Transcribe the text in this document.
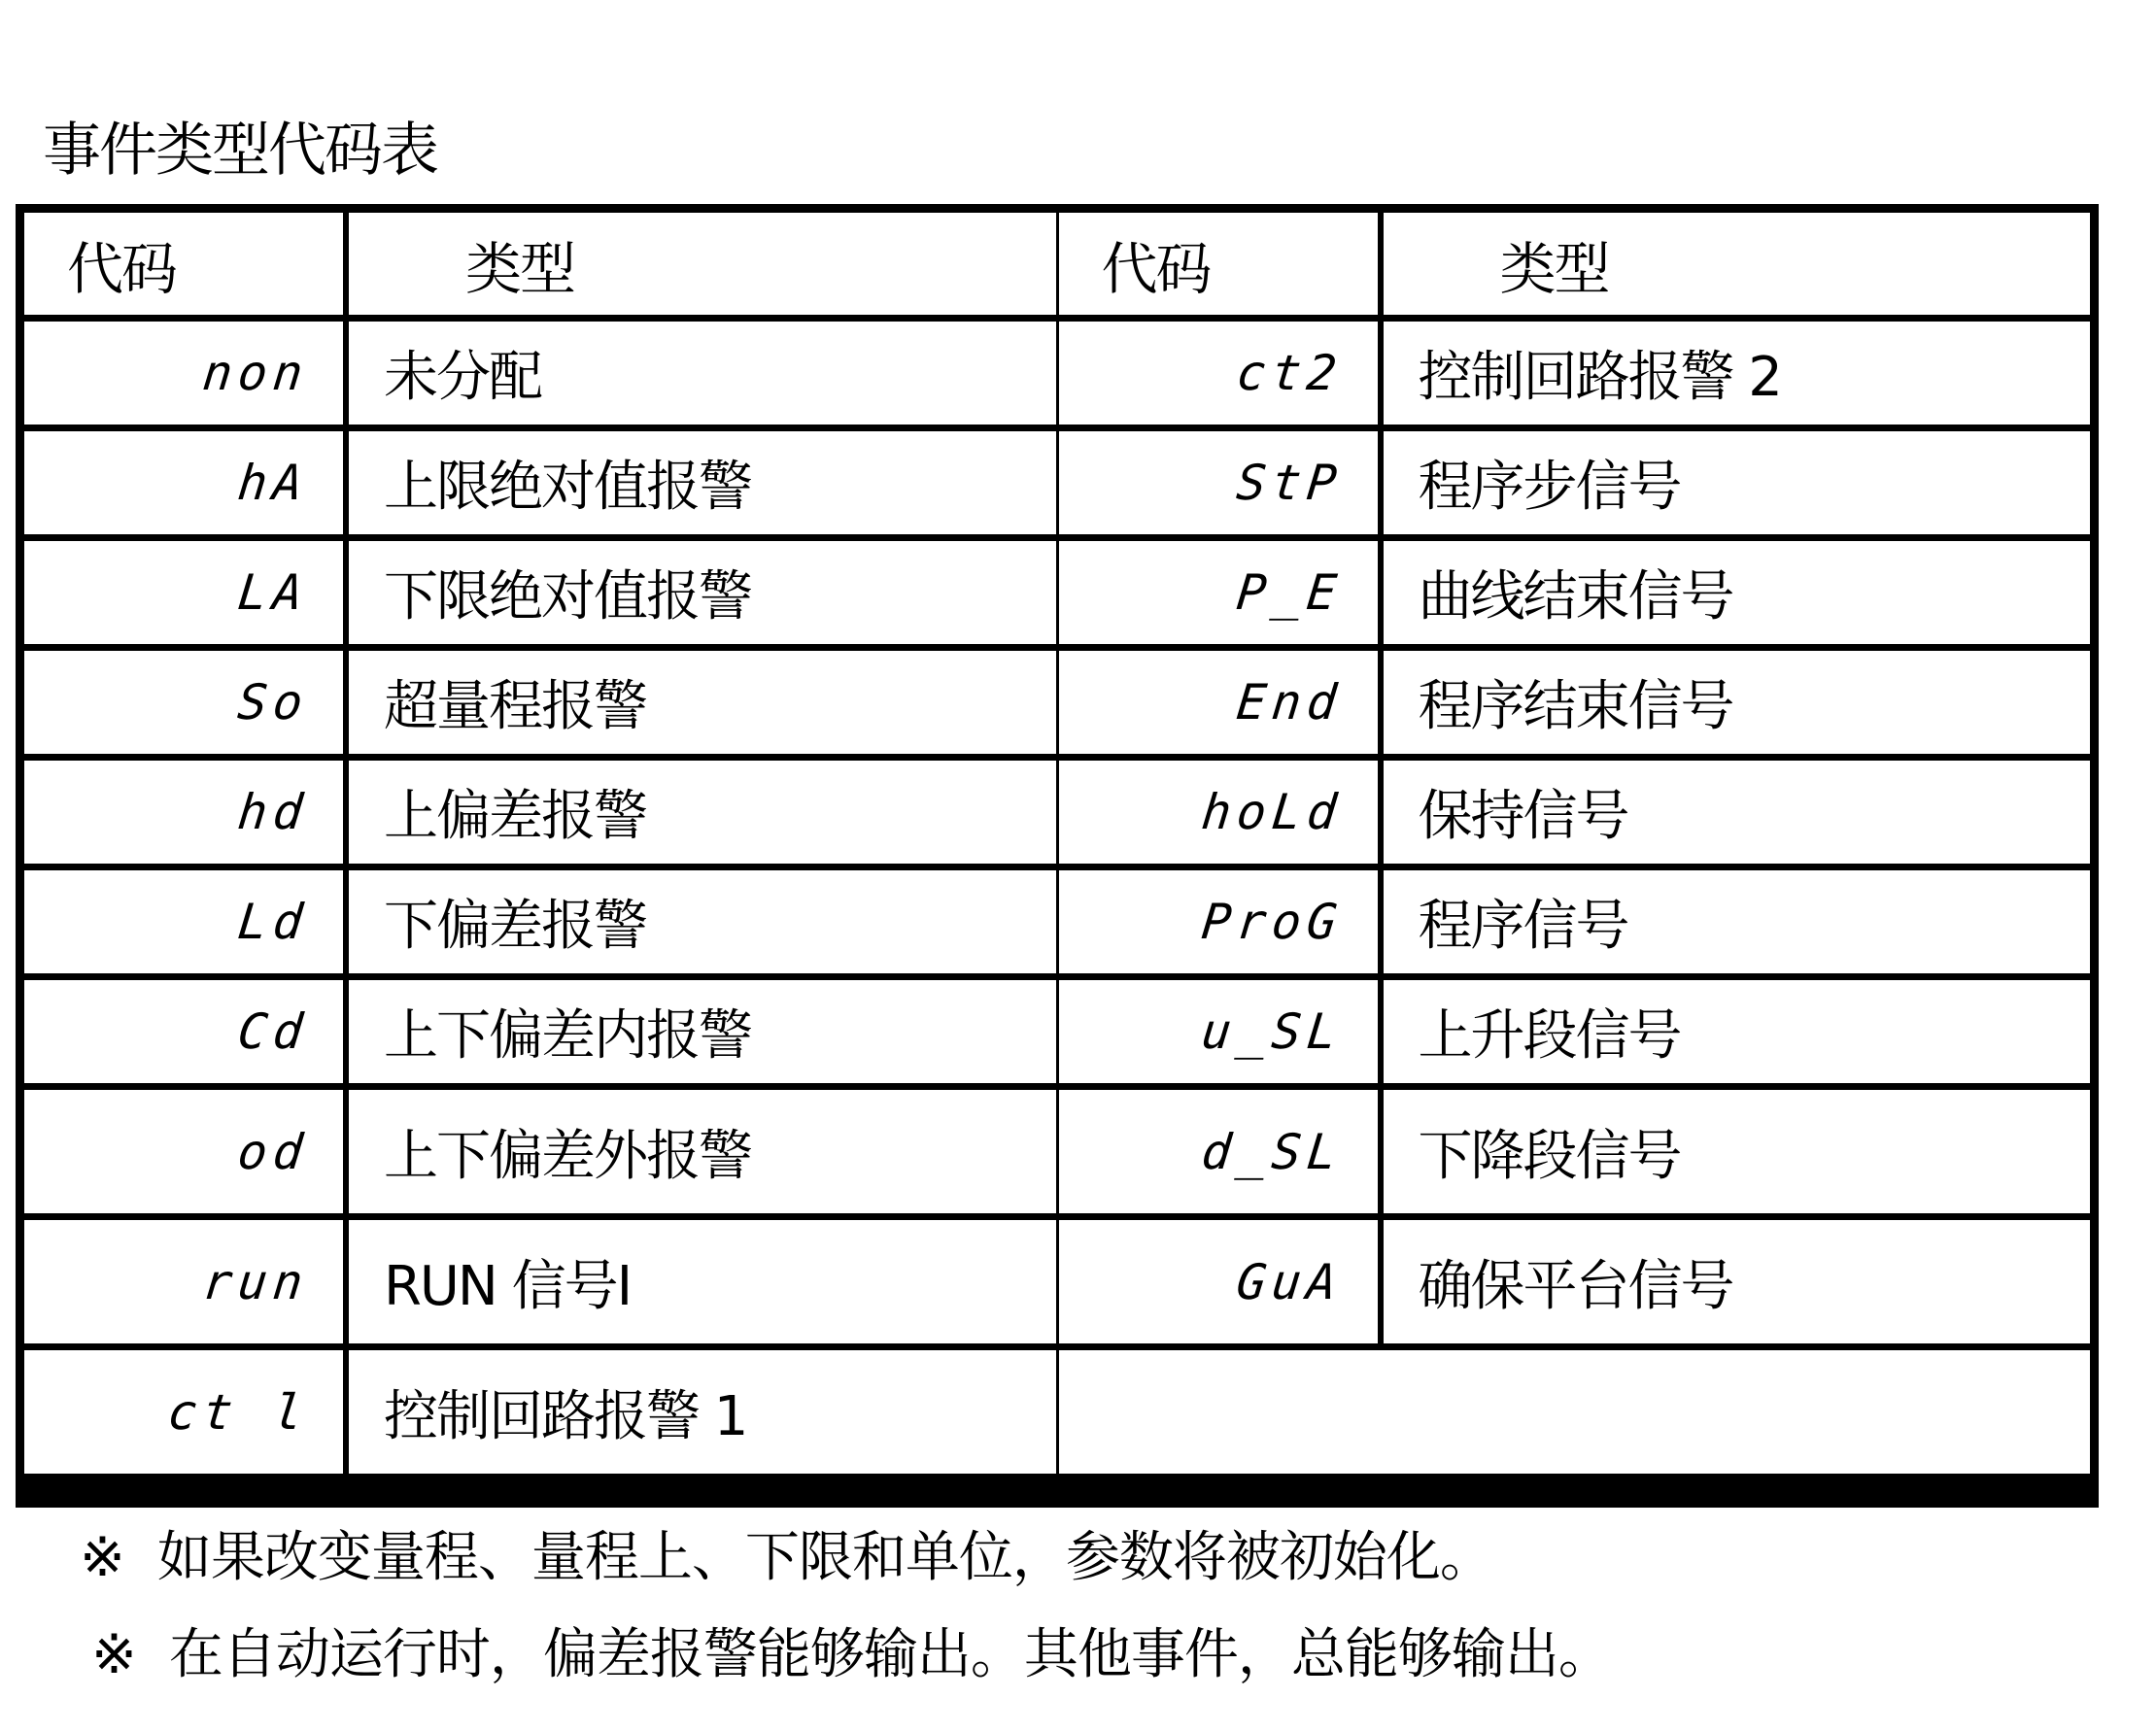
事件类型代码表
代码	类型
non 未分配
hA 上限绝对值报警
LA 下限绝对值报警
So 超量程报警
hd 上偏差报警
Ld 下偏差报警
Cd 上下偏差内报警
od 上下偏差外报警
run RUN 信号I
ct l 控制回路报警 1
代码	类型
ct2 控制回路报警 2
StP 程序步信号
P_E 曲线结束信号
End 程序结束信号
hoLd 保持信号
ProG 程序信号
u_SL 上升段信号
d_SL 下降段信号
GuA 确保平台信号
※ 如果改变量程、量程上、下限和单位，参数将被初始化。
※ 在自动运行时，偏差报警能够输出。其他事件，总能够输出。
